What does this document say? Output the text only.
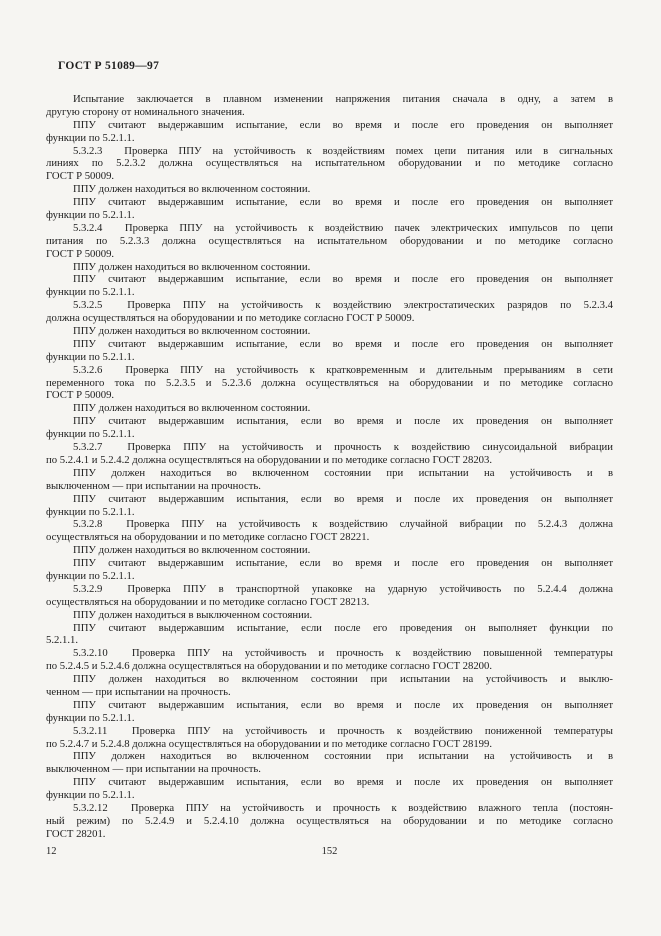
ГОСТ Р 51089—97
Испытание заключается в плавном изменении напряжения питания сначала в одну, а затем в
другую сторону от номинального значения.
ППУ считают выдержавшим испытание, если во время и после его проведения он выполняет
функции по 5.2.1.1.
5.3.2.3  Проверка ППУ на устойчивость к воздействиям помех цепи питания или в сигнальных
линиях по 5.2.3.2 должна осуществляться на испытательном оборудовании и по методике согласно
ГОСТ Р 50009.
ППУ должен находиться во включенном состоянии.
ППУ считают выдержавшим испытание, если во время и после его проведения он выполняет
функции по 5.2.1.1.
5.3.2.4  Проверка ППУ на устойчивость к воздействию пачек электрических импульсов по цепи
питания по 5.2.3.3 должна осуществляться на испытательном оборудовании и по методике согласно
ГОСТ Р 50009.
ППУ должен находиться во включенном состоянии.
ППУ считают выдержавшим испытание, если во время и после его проведения он выполняет
функции по 5.2.1.1.
5.3.2.5  Проверка ППУ на устойчивость к воздействию электростатических разрядов по 5.2.3.4
должна осуществляться на оборудовании и по методике согласно ГОСТ Р 50009.
ППУ должен находиться во включенном состоянии.
ППУ считают выдержавшим испытание, если во время и после его проведения он выполняет
функции по 5.2.1.1.
5.3.2.6  Проверка ППУ на устойчивость к кратковременным и длительным прерываниям в сети
переменного тока по 5.2.3.5 и 5.2.3.6 должна осуществляться на оборудовании и по методике согласно
ГОСТ Р 50009.
ППУ должен находиться во включенном состоянии.
ППУ считают выдержавшим испытания, если во время и после их проведения он выполняет
функции по 5.2.1.1.
5.3.2.7  Проверка ППУ на устойчивость и прочность к воздействию синусоидальной вибрации
по 5.2.4.1 и 5.2.4.2 должна осуществляться на оборудовании и по методике согласно ГОСТ 28203.
ППУ должен находиться во включенном состоянии при испытании на устойчивость и в
выключенном — при испытании на прочность.
ППУ считают выдержавшим испытания, если во время и после их проведения он выполняет
функции по 5.2.1.1.
5.3.2.8  Проверка ППУ на устойчивость к воздействию случайной вибрации по 5.2.4.3 должна
осуществляться на оборудовании и по методике согласно ГОСТ 28221.
ППУ должен находиться во включенном состоянии.
ППУ считают выдержавшим испытание, если во время и после его проведения он выполняет
функции по 5.2.1.1.
5.3.2.9  Проверка ППУ в транспортной упаковке на ударную устойчивость по 5.2.4.4 должна
осуществляться на оборудовании и по методике согласно ГОСТ 28213.
ППУ должен находиться в выключенном состоянии.
ППУ считают выдержавшим испытание, если после его проведения он выполняет функции по
5.2.1.1.
5.3.2.10  Проверка ППУ на устойчивость и прочность к воздействию повышенной температуры
по 5.2.4.5 и 5.2.4.6 должна осуществляться на оборудовании и по методике согласно ГОСТ 28200.
ППУ должен находиться во включенном состоянии при испытании на устойчивость и выклю-
ченном — при испытании на прочность.
ППУ считают выдержавшим испытания, если во время и после их проведения он выполняет
функции по 5.2.1.1.
5.3.2.11  Проверка ППУ на устойчивость и прочность к воздействию пониженной температуры
по 5.2.4.7 и 5.2.4.8 должна осуществляться на оборудовании и по методике согласно ГОСТ 28199.
ППУ должен находиться во включенном состоянии при испытании на устойчивость и в
выключенном — при испытании на прочность.
ППУ считают выдержавшим испытания, если во время и после их проведения он выполняет
функции по 5.2.1.1.
5.3.2.12  Проверка ППУ на устойчивость и прочность к воздействию влажного тепла (постоян-
ный режим) по 5.2.4.9 и 5.2.4.10 должна осуществляться на оборудовании и по методике согласно
ГОСТ 28201.
12	152
